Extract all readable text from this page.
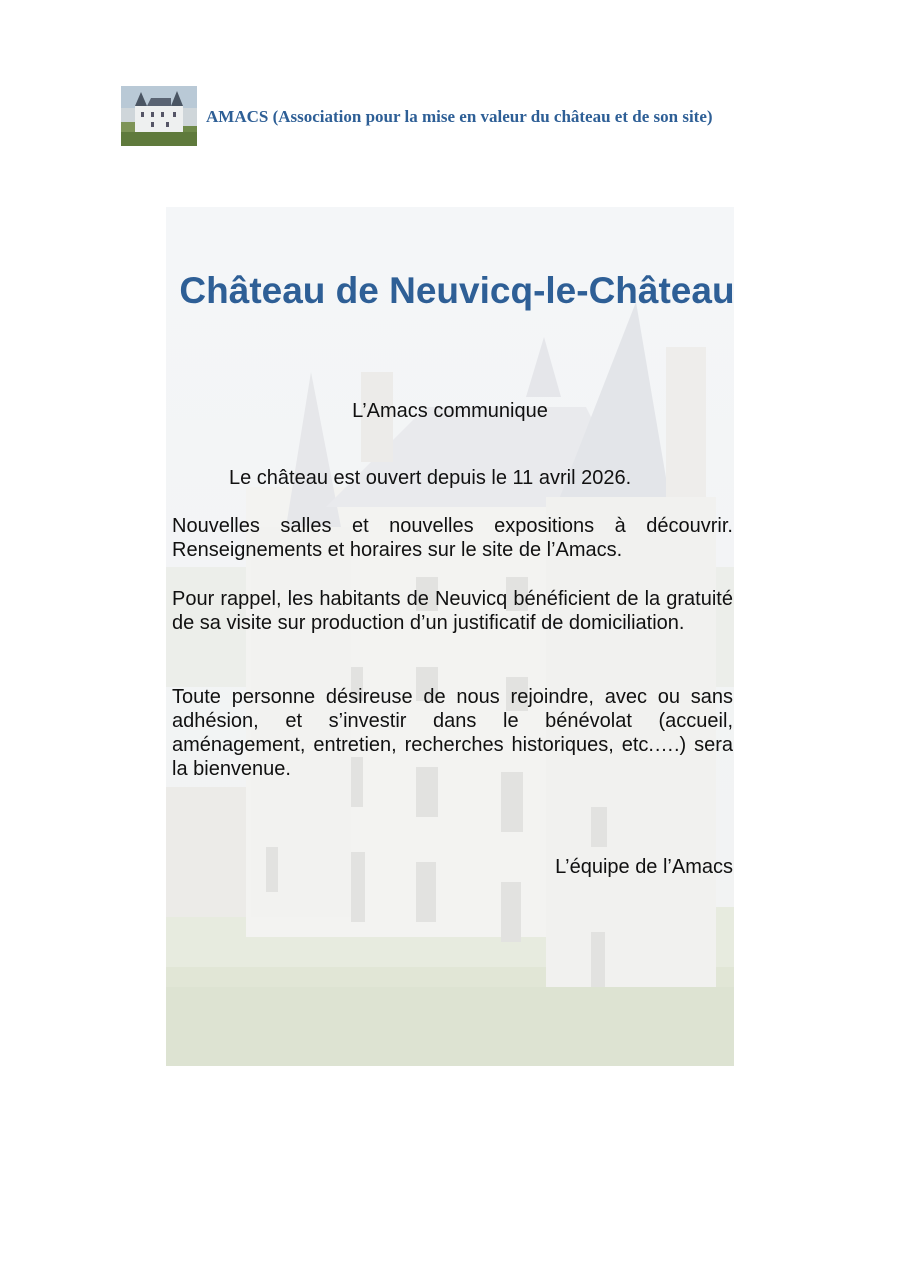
AMACS (Association pour la mise en valeur du château et de son site)
Château de Neuvicq-le-Château
L’Amacs communique
Le château est ouvert depuis le 11 avril 2026.
Nouvelles salles et nouvelles expositions à découvrir. Renseignements et horaires sur le site de l’Amacs.
Pour rappel, les habitants de Neuvicq bénéficient de la gratuité de sa visite sur production d’un justificatif de domiciliation.
Toute personne désireuse de nous rejoindre, avec ou sans adhésion, et s’investir dans le bénévolat (accueil, aménagement, entretien, recherches historiques, etc.….) sera la bienvenue.
L’équipe de l’Amacs
